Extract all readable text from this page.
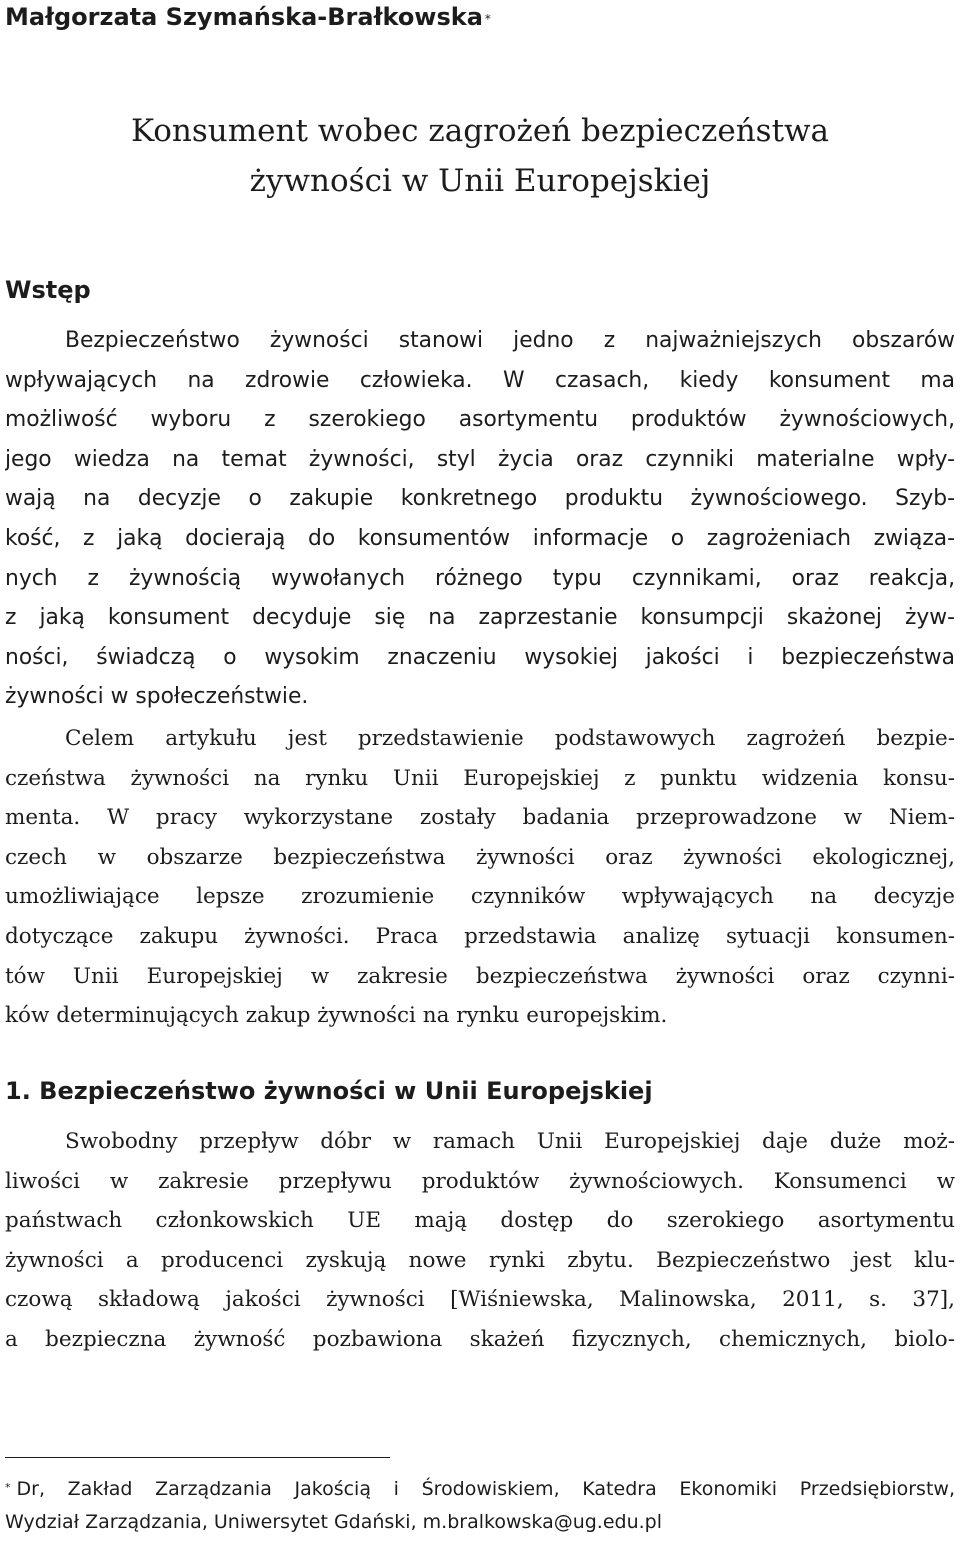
Małgorzata Szymańska-Brałkowska *
Konsument wobec zagrożeń bezpieczeństwa
żywności w Unii Europejskiej
Wstęp
Bezpieczeństwo żywności stanowi jedno z najważniejszych obszarów
wpływających na zdrowie człowieka. W czasach, kiedy konsument ma
możliwość wyboru z szerokiego asortymentu produktów żywnościowych,
jego wiedza na temat żywności, styl życia oraz czynniki materialne wpły-
wają na decyzje o zakupie konkretnego produktu żywnościowego. Szyb-
kość, z jaką docierają do konsumentów informacje o zagrożeniach związa-
nych z żywnością wywołanych różnego typu czynnikami, oraz reakcja,
z jaką konsument decyduje się na zaprzestanie konsumpcji skażonej żyw-
ności, świadczą o wysokim znaczeniu wysokiej jakości i bezpieczeństwa
żywności w społeczeństwie.
Celem artykułu jest przedstawienie podstawowych zagrożeń bezpie-
czeństwa żywności na rynku Unii Europejskiej z punktu widzenia konsu-
menta. W pracy wykorzystane zostały badania przeprowadzone w Niem-
czech w obszarze bezpieczeństwa żywności oraz żywności ekologicznej,
umożliwiające lepsze zrozumienie czynników wpływających na decyzje
dotyczące zakupu żywności. Praca przedstawia analizę sytuacji konsumen-
tów Unii Europejskiej w zakresie bezpieczeństwa żywności oraz czynni-
ków determinujących zakup żywności na rynku europejskim.
1. Bezpieczeństwo żywności w Unii Europejskiej
Swobodny przepływ dóbr w ramach Unii Europejskiej daje duże moż-
liwości w zakresie przepływu produktów żywnościowych. Konsumenci w
państwach członkowskich UE mają dostęp do szerokiego asortymentu
żywności a producenci zyskują nowe rynki zbytu. Bezpieczeństwo jest klu-
czową składową jakości żywności [Wiśniewska, Malinowska, 2011, s. 37],
a bezpieczna żywność pozbawiona skażeń fizycznych, chemicznych, biolo-
* Dr, Zakład Zarządzania Jakością i Środowiskiem, Katedra Ekonomiki Przedsiębiorstw,
Wydział Zarządzania, Uniwersytet Gdański, m.bralkowska@ug.edu.pl
